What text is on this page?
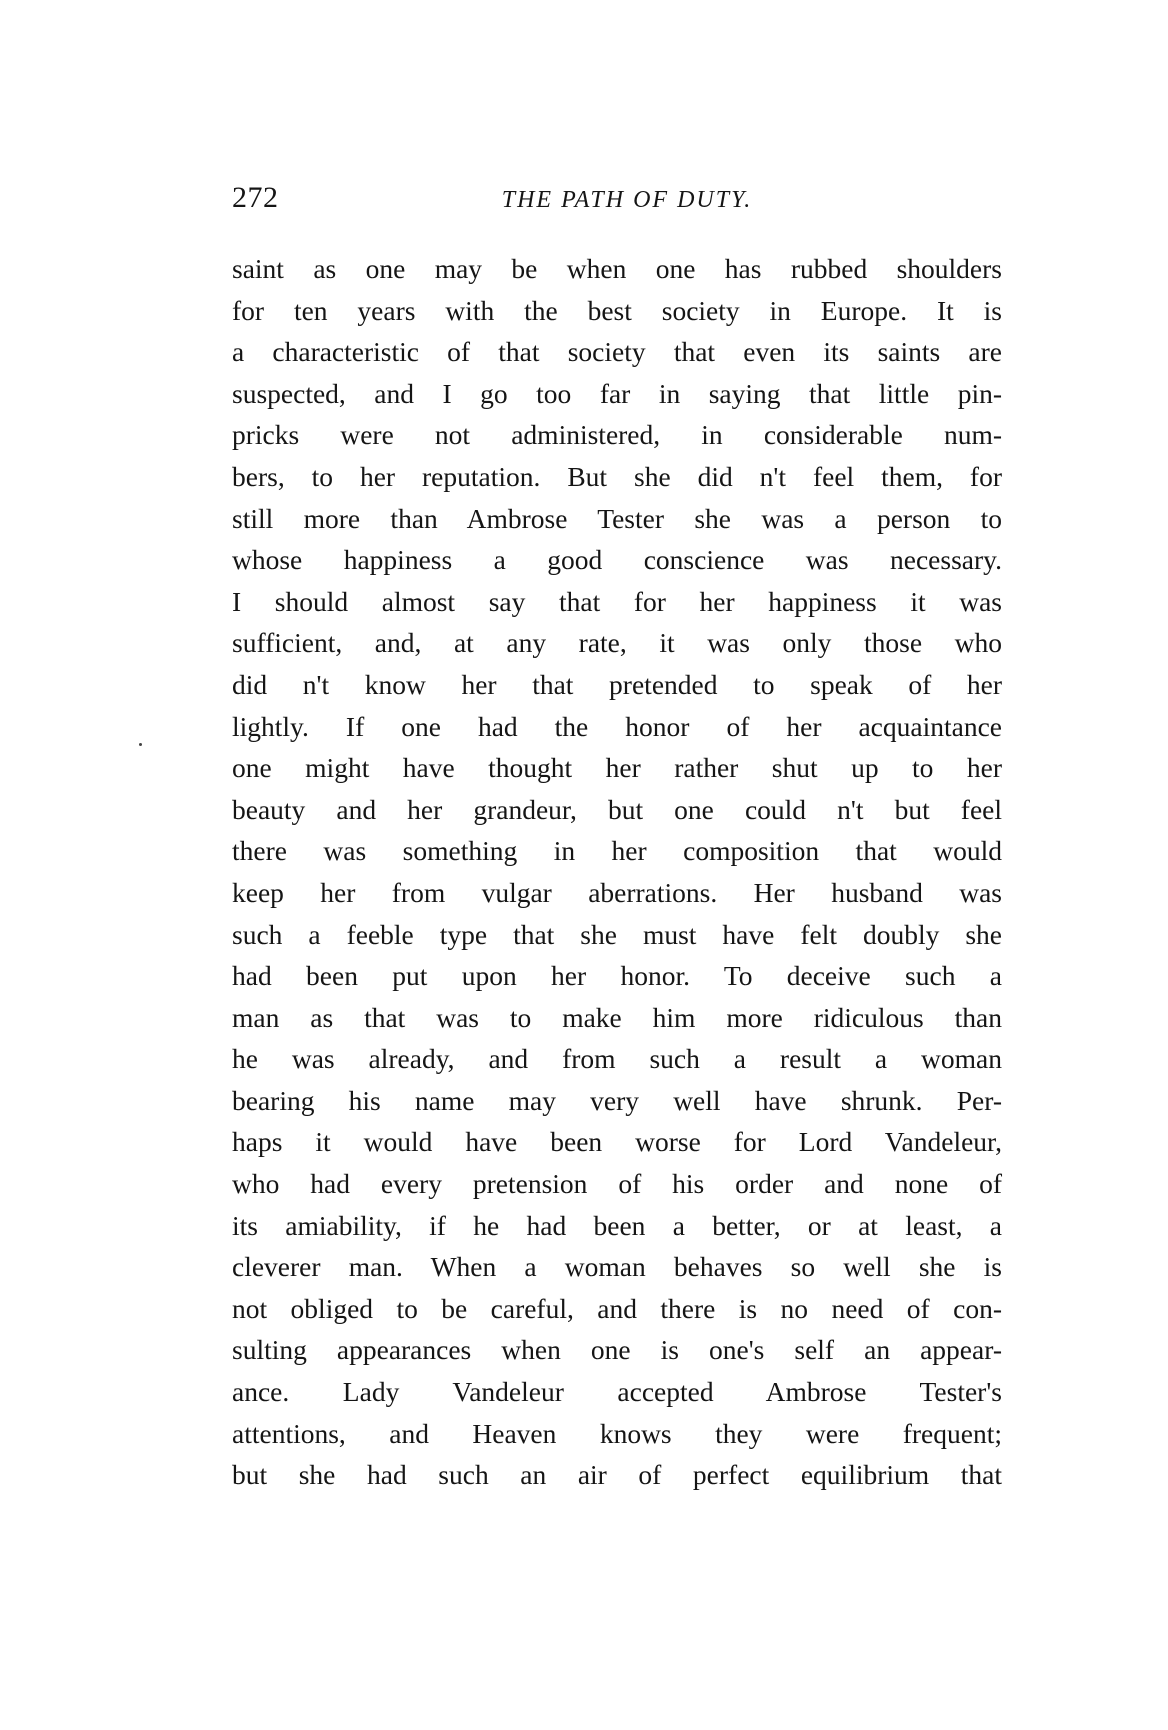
272	THE PATH OF DUTY.
saint as one may be when one has rubbed shoulders
for ten years with the best society in Europe. It is
a characteristic of that society that even its saints are
suspected, and I go too far in saying that little pin-
pricks were not administered, in considerable num-
bers, to her reputation. But she did n't feel them, for
still more than Ambrose Tester she was a person to
whose happiness a good conscience was necessary.
I should almost say that for her happiness it was
sufficient, and, at any rate, it was only those who
did n't know her that pretended to speak of her
lightly. If one had the honor of her acquaintance
one might have thought her rather shut up to her
beauty and her grandeur, but one could n't but feel
there was something in her composition that would
keep her from vulgar aberrations. Her husband was
such a feeble type that she must have felt doubly she
had been put upon her honor. To deceive such a
man as that was to make him more ridiculous than
he was already, and from such a result a woman
bearing his name may very well have shrunk. Per-
haps it would have been worse for Lord Vandeleur,
who had every pretension of his order and none of
its amiability, if he had been a better, or at least, a
cleverer man. When a woman behaves so well she is
not obliged to be careful, and there is no need of con-
sulting appearances when one is one's self an appear-
ance. Lady Vandeleur accepted Ambrose Tester's
attentions, and Heaven knows they were frequent;
but she had such an air of perfect equilibrium that
